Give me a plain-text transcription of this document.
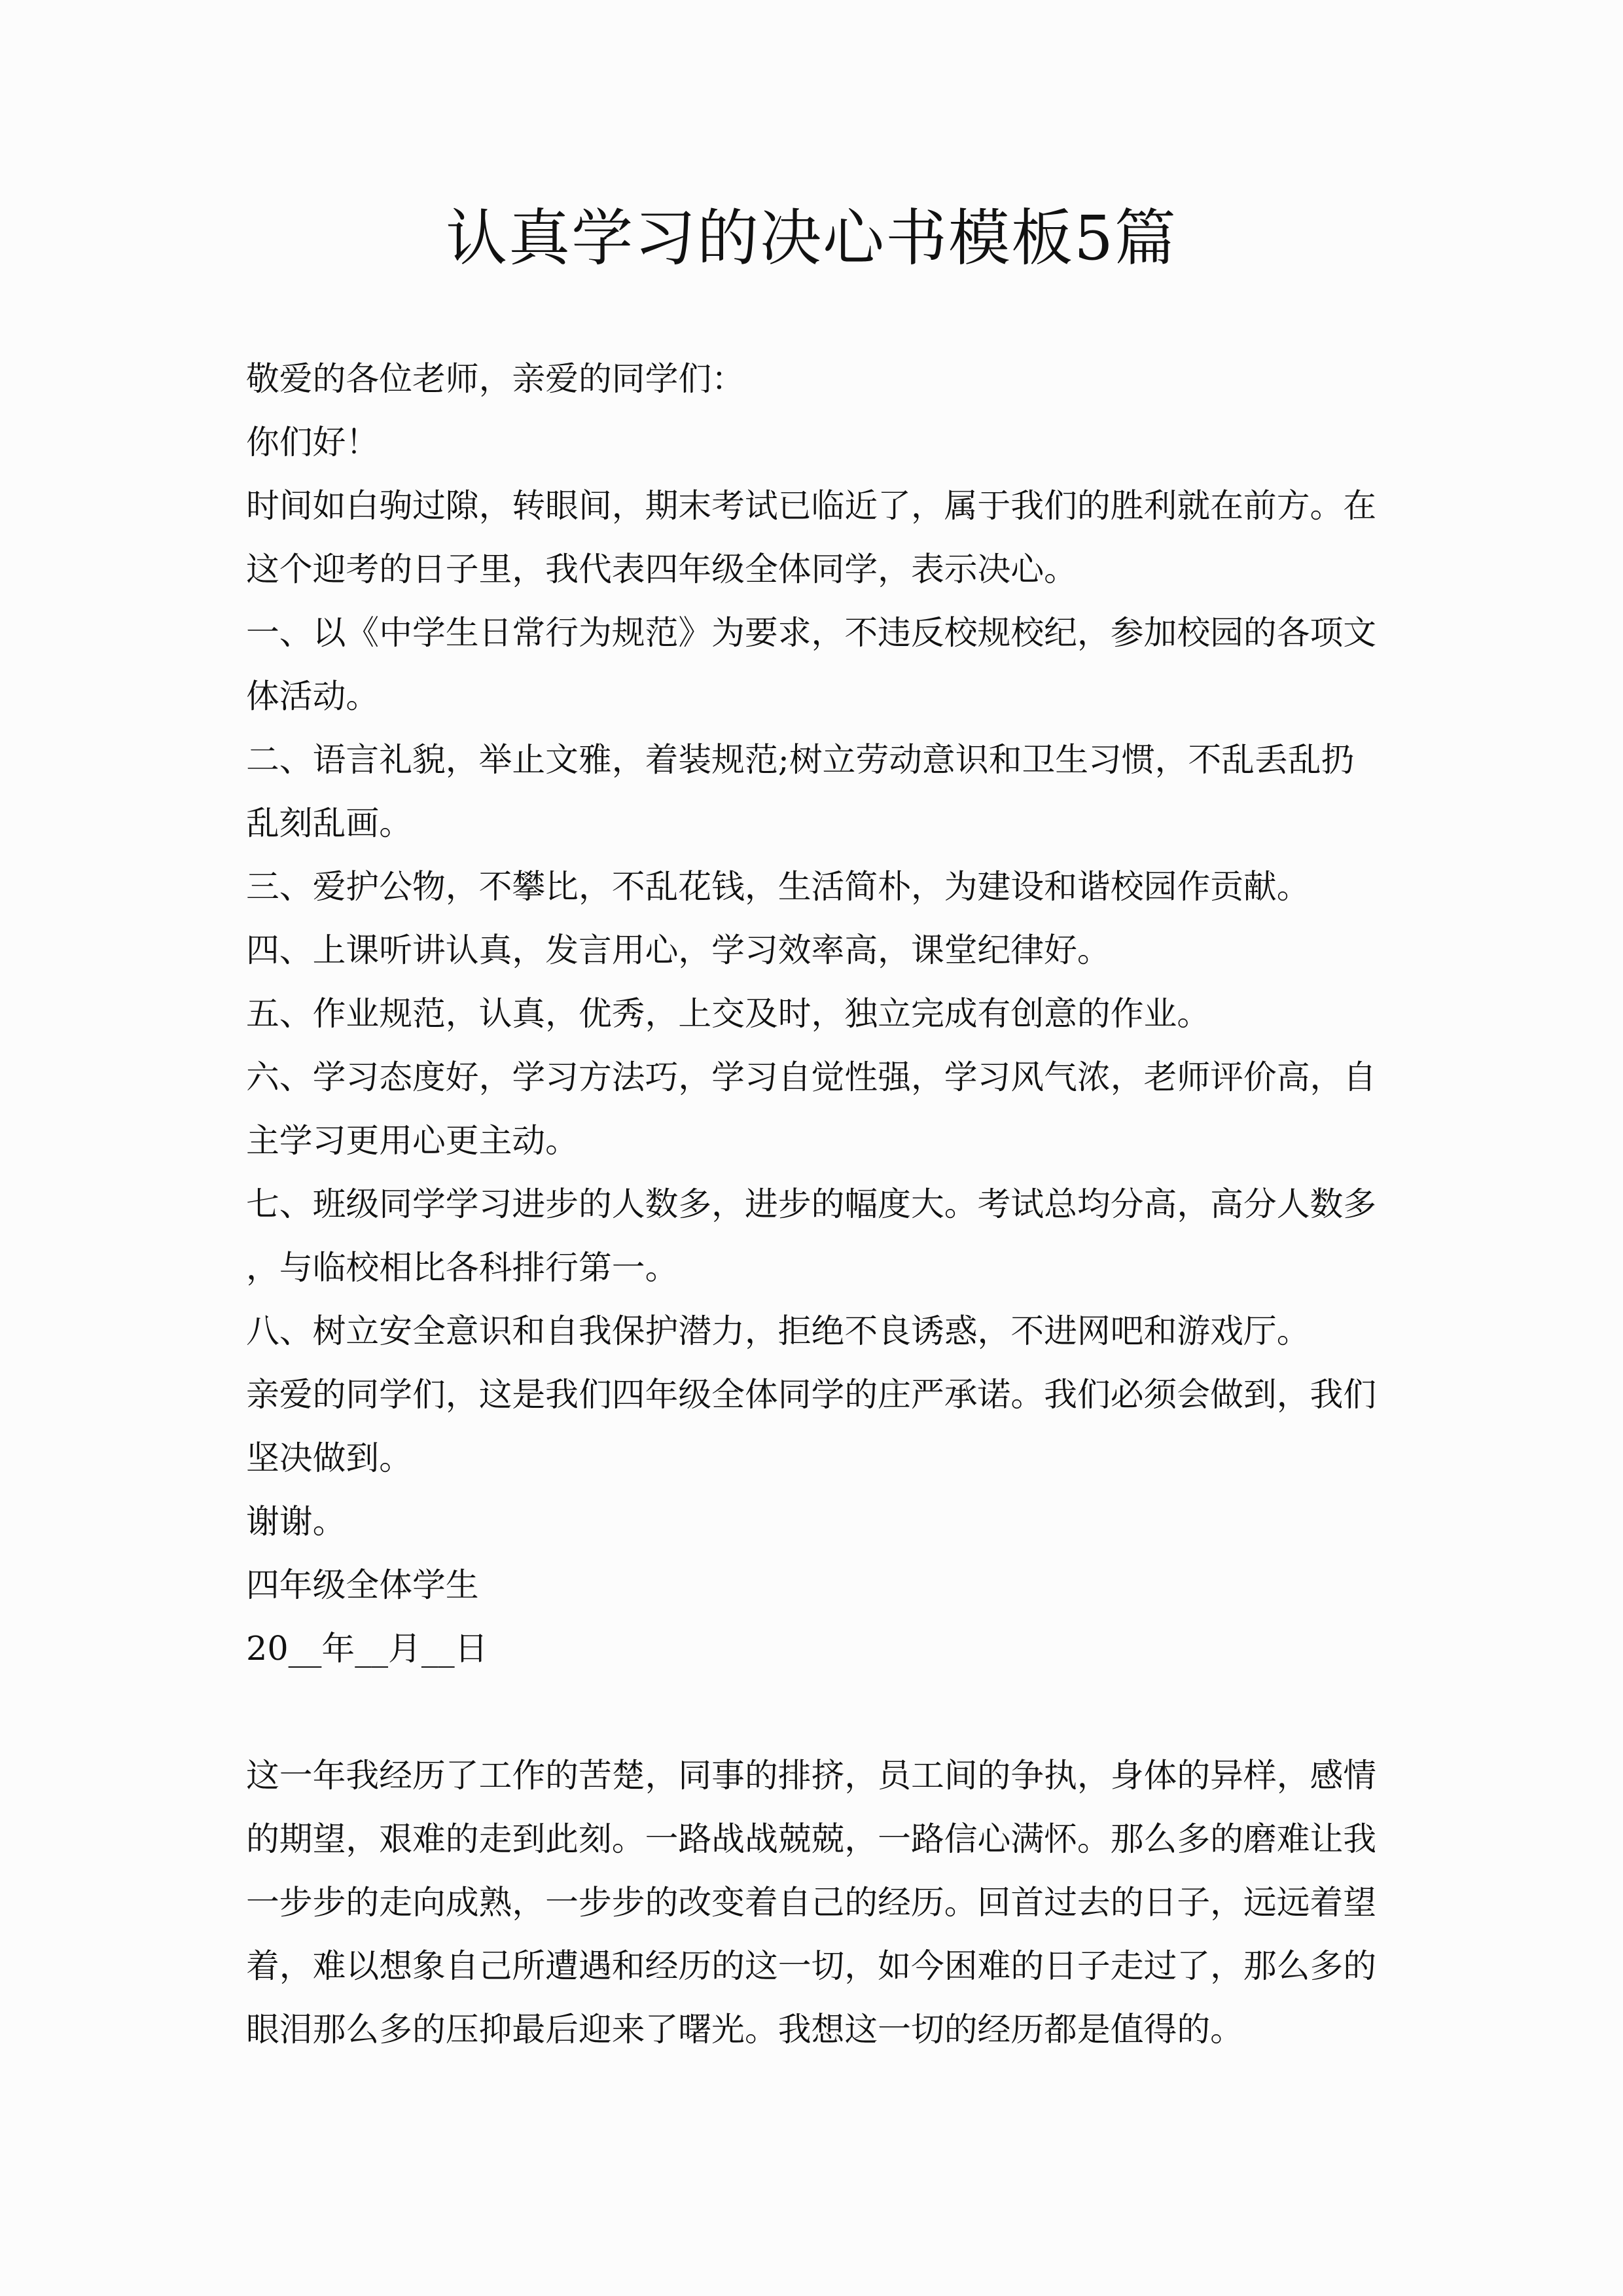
认真学习的决心书模板5篇

敬爱的各位老师，亲爱的同学们：

你们好！

时间如白驹过隙，转眼间，期末考试已临近了，属于我们的胜利就在前方。在这个迎考的日子里，我代表四年级全体同学，表示决心。

一、以《中学生日常行为规范》为要求，不违反校规校纪，参加校园的各项文体活动。

二、语言礼貌，举止文雅，着装规范;树立劳动意识和卫生习惯，不乱丢乱扔乱刻乱画。

三、爱护公物，不攀比，不乱花钱，生活简朴，为建设和谐校园作贡献。

四、上课听讲认真，发言用心，学习效率高，课堂纪律好。

五、作业规范，认真，优秀，上交及时，独立完成有创意的作业。

六、学习态度好，学习方法巧，学习自觉性强，学习风气浓，老师评价高，自主学习更用心更主动。

七、班级同学学习进步的人数多，进步的幅度大。考试总均分高，高分人数多，与临校相比各科排行第一。

八、树立安全意识和自我保护潜力，拒绝不良诱惑，不进网吧和游戏厅。

亲爱的同学们，这是我们四年级全体同学的庄严承诺。我们必须会做到，我们坚决做到。

谢谢。

四年级全体学生

20__年__月__日

这一年我经历了工作的苦楚，同事的排挤，员工间的争执，身体的异样，感情的期望，艰难的走到此刻。一路战战兢兢，一路信心满怀。那么多的磨难让我一步步的走向成熟，一步步的改变着自己的经历。回首过去的日子，远远着望着，难以想象自己所遭遇和经历的这一切，如今困难的日子走过了，那么多的眼泪那么多的压抑最后迎来了曙光。我想这一切的经历都是值得的。
